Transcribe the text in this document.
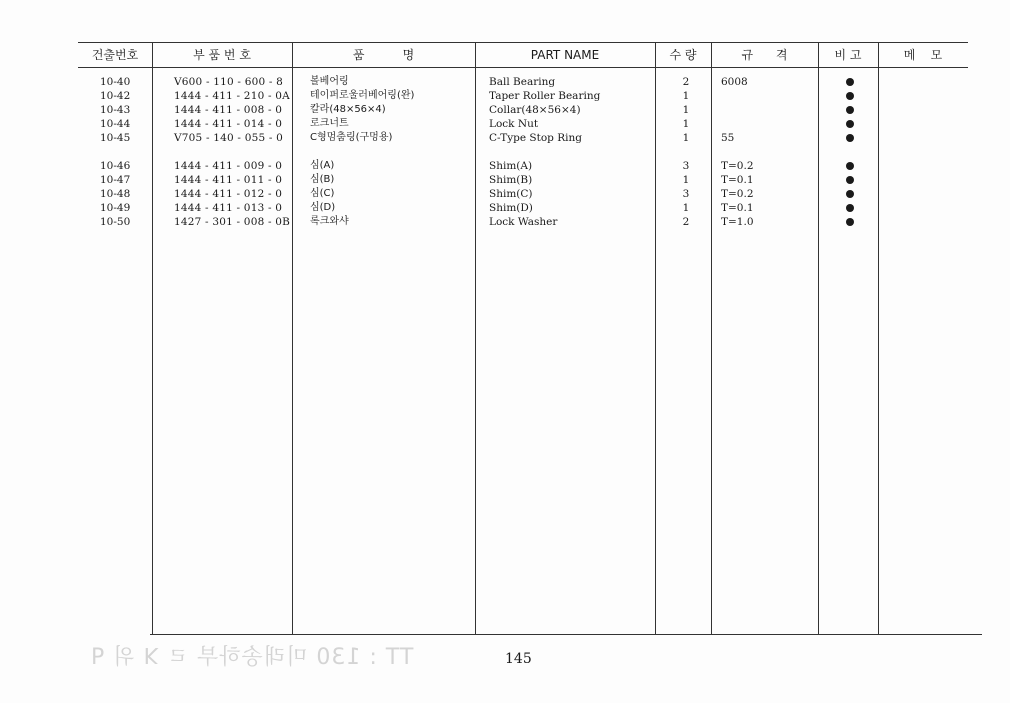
TT : 130 미래송하부 ㄹ ꓘ 위 ꟼ
건출번호	부 품 번 호	품          명	PART NAME	수 량	규      격	비 고	메    모
10-40	V600 - 110 - 600 - 8	볼베어링	Ball Bearing	2	6008
10-42	1444 - 411 - 210 - 0A 테이퍼로울러베어링(완)	Taper Roller Bearing	1
10-43	1444 - 411 - 008 - 0	칼라(48×56×4)	Collar(48×56×4)	1
10-44	1444 - 411 - 014 - 0	로크너트	Lock Nut	1
10-45	V705 - 140 - 055 - 0	C형멈춤링(구멍용)	C-Type Stop Ring	1	55
10-46	1444 - 411 - 009 - 0	심(A)	Shim(A)	3	T=0.2
10-47	1444 - 411 - 011 - 0	심(B)	Shim(B)	1	T=0.1
10-48	1444 - 411 - 012 - 0	심(C)	Shim(C)	3	T=0.2
10-49	1444 - 411 - 013 - 0	심(D)	Shim(D)	1	T=0.1
10-50	1427 - 301 - 008 - 0B 록크와샤	Lock Washer	2	T=1.0
145
